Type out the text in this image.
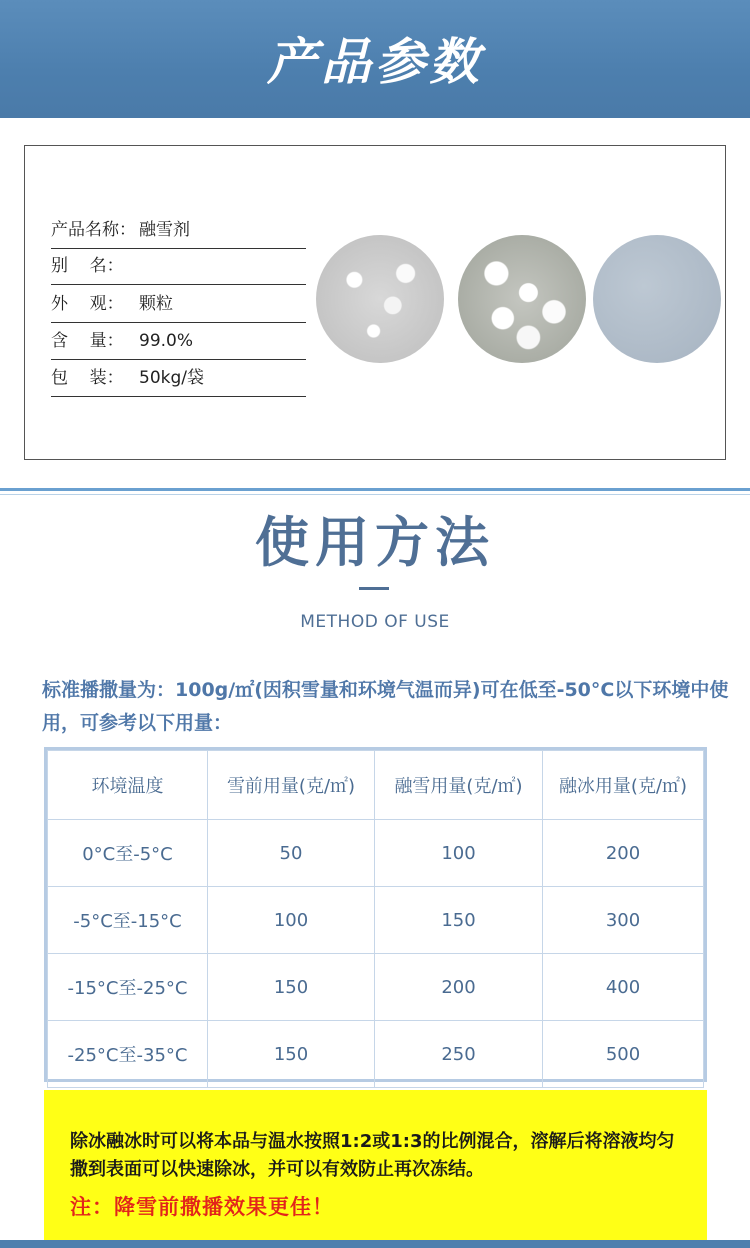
产品参数
产品名称： 融雪剂
别    名：
外    观： 颗粒
含    量： 99.0%
包    装： 50kg/袋
使用方法
METHOD OF USE
标准播撒量为：100g/㎡(因积雪量和环境气温而异)可在低至-50°C以下环境中使用，可参考以下用量：
环境温度	雪前用量(克/㎡)	融雪用量(克/㎡)	融冰用量(克/㎡)
0°C至-5°C	50	100	200
-5°C至-15°C	100	150	300
-15°C至-25°C	150	200	400
-25°C至-35°C	150	250	500
除冰融冰时可以将本品与温水按照1:2或1:3的比例混合，溶解后将溶液均匀撒到表面可以快速除冰，并可以有效防止再次冻结。
注：降雪前撒播效果更佳！
